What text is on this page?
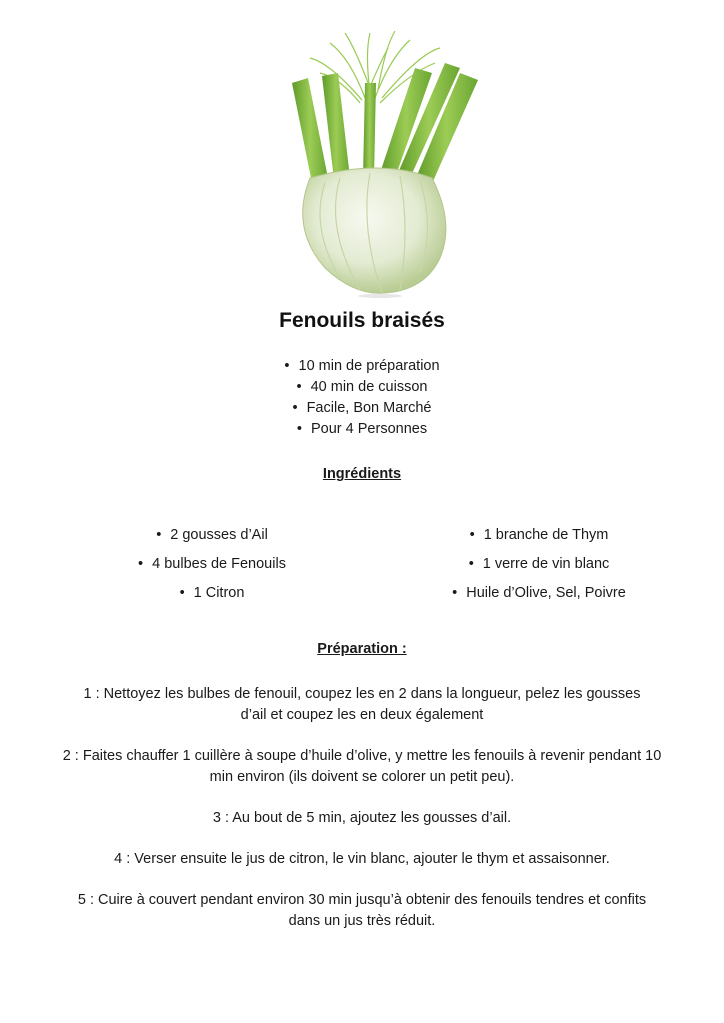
Fenouils braisés
• 10 min de préparation
• 40 min de cuisson
• Facile, Bon Marché
• Pour 4 Personnes
Ingrédients
• 2 gousses d’Ail
• 4 bulbes de Fenouils
• 1 Citron
• 1 branche de Thym
• 1 verre de vin blanc
• Huile d’Olive, Sel, Poivre
Préparation :
1 : Nettoyez les bulbes de fenouil, coupez les en 2 dans la longueur, pelez les gousses d’ail et coupez les en deux également
2 : Faites chauffer 1 cuillère à soupe d’huile d’olive, y mettre les fenouils à revenir pendant 10 min environ (ils doivent se colorer un petit peu).
3 : Au bout de 5 min, ajoutez les gousses d’ail.
4 : Verser ensuite le jus de citron, le vin blanc, ajouter le thym et assaisonner.
5 : Cuire à couvert pendant environ 30 min jusqu’à obtenir des fenouils tendres et confits dans un jus très réduit.
